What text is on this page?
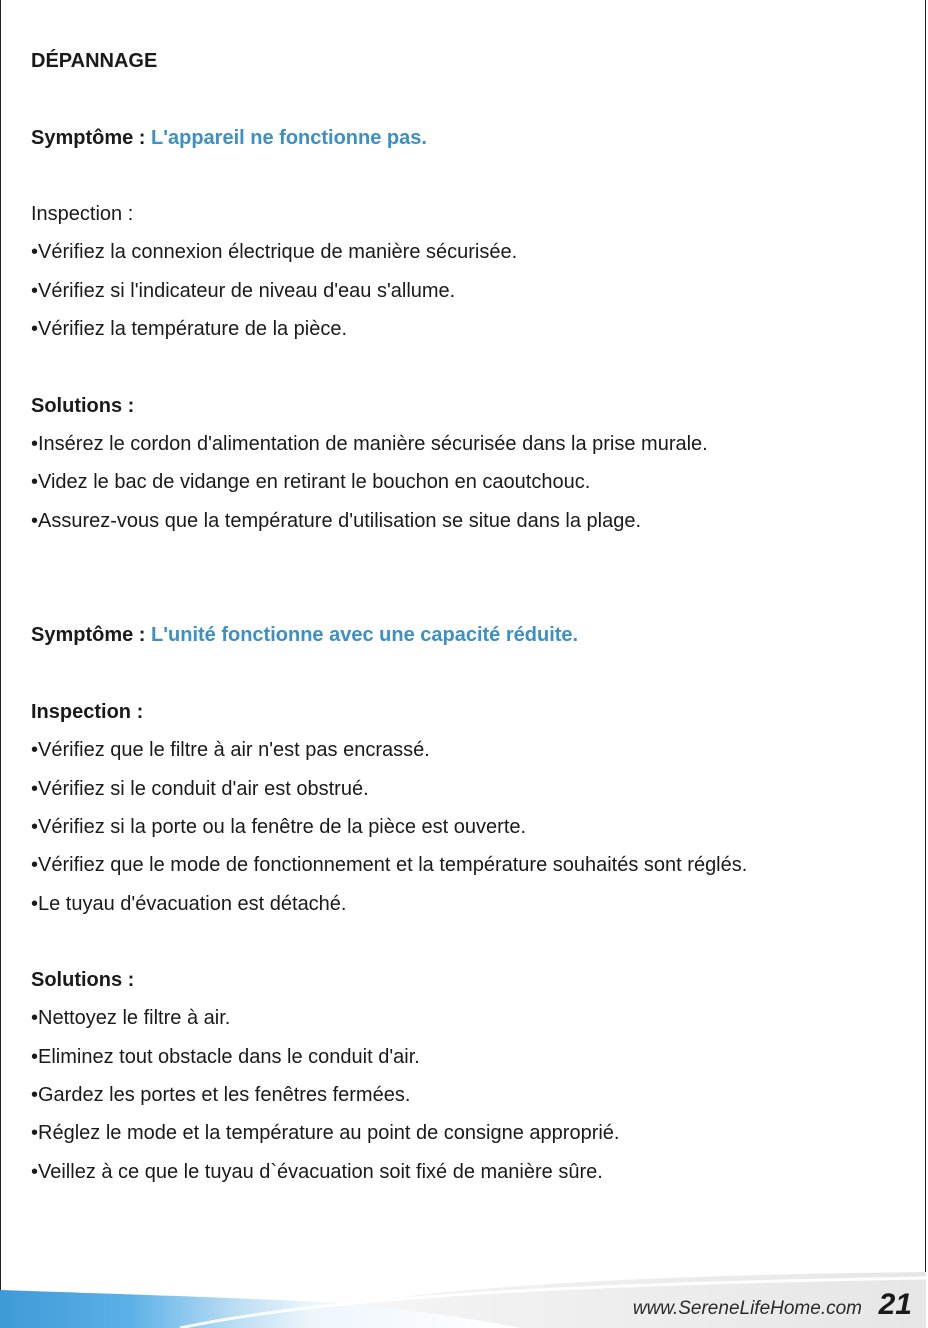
DÉPANNAGE
Symptôme : L'appareil ne fonctionne pas.
Inspection :
•Vérifiez la connexion électrique de manière sécurisée.
•Vérifiez si l'indicateur de niveau d'eau s'allume.
•Vérifiez la température de la pièce.
Solutions :
•Insérez le cordon d'alimentation de manière sécurisée dans la prise murale.
•Videz le bac de vidange en retirant le bouchon en caoutchouc.
•Assurez-vous que la température d'utilisation se situe dans la plage.
Symptôme : L'unité fonctionne avec une capacité réduite.
Inspection :
•Vérifiez que le filtre à air n'est pas encrassé.
•Vérifiez si le conduit d'air est obstrué.
•Vérifiez si la porte ou la fenêtre de la pièce est ouverte.
•Vérifiez que le mode de fonctionnement et la température souhaités sont réglés.
•Le tuyau d'évacuation est détaché.
Solutions :
•Nettoyez le filtre à air.
•Eliminez tout obstacle dans le conduit d'air.
•Gardez les portes et les fenêtres fermées.
•Réglez le mode et la température au point de consigne approprié.
•Veillez à ce que le tuyau d`évacuation soit fixé de manière sûre.
www.SereneLifeHome.com 21
